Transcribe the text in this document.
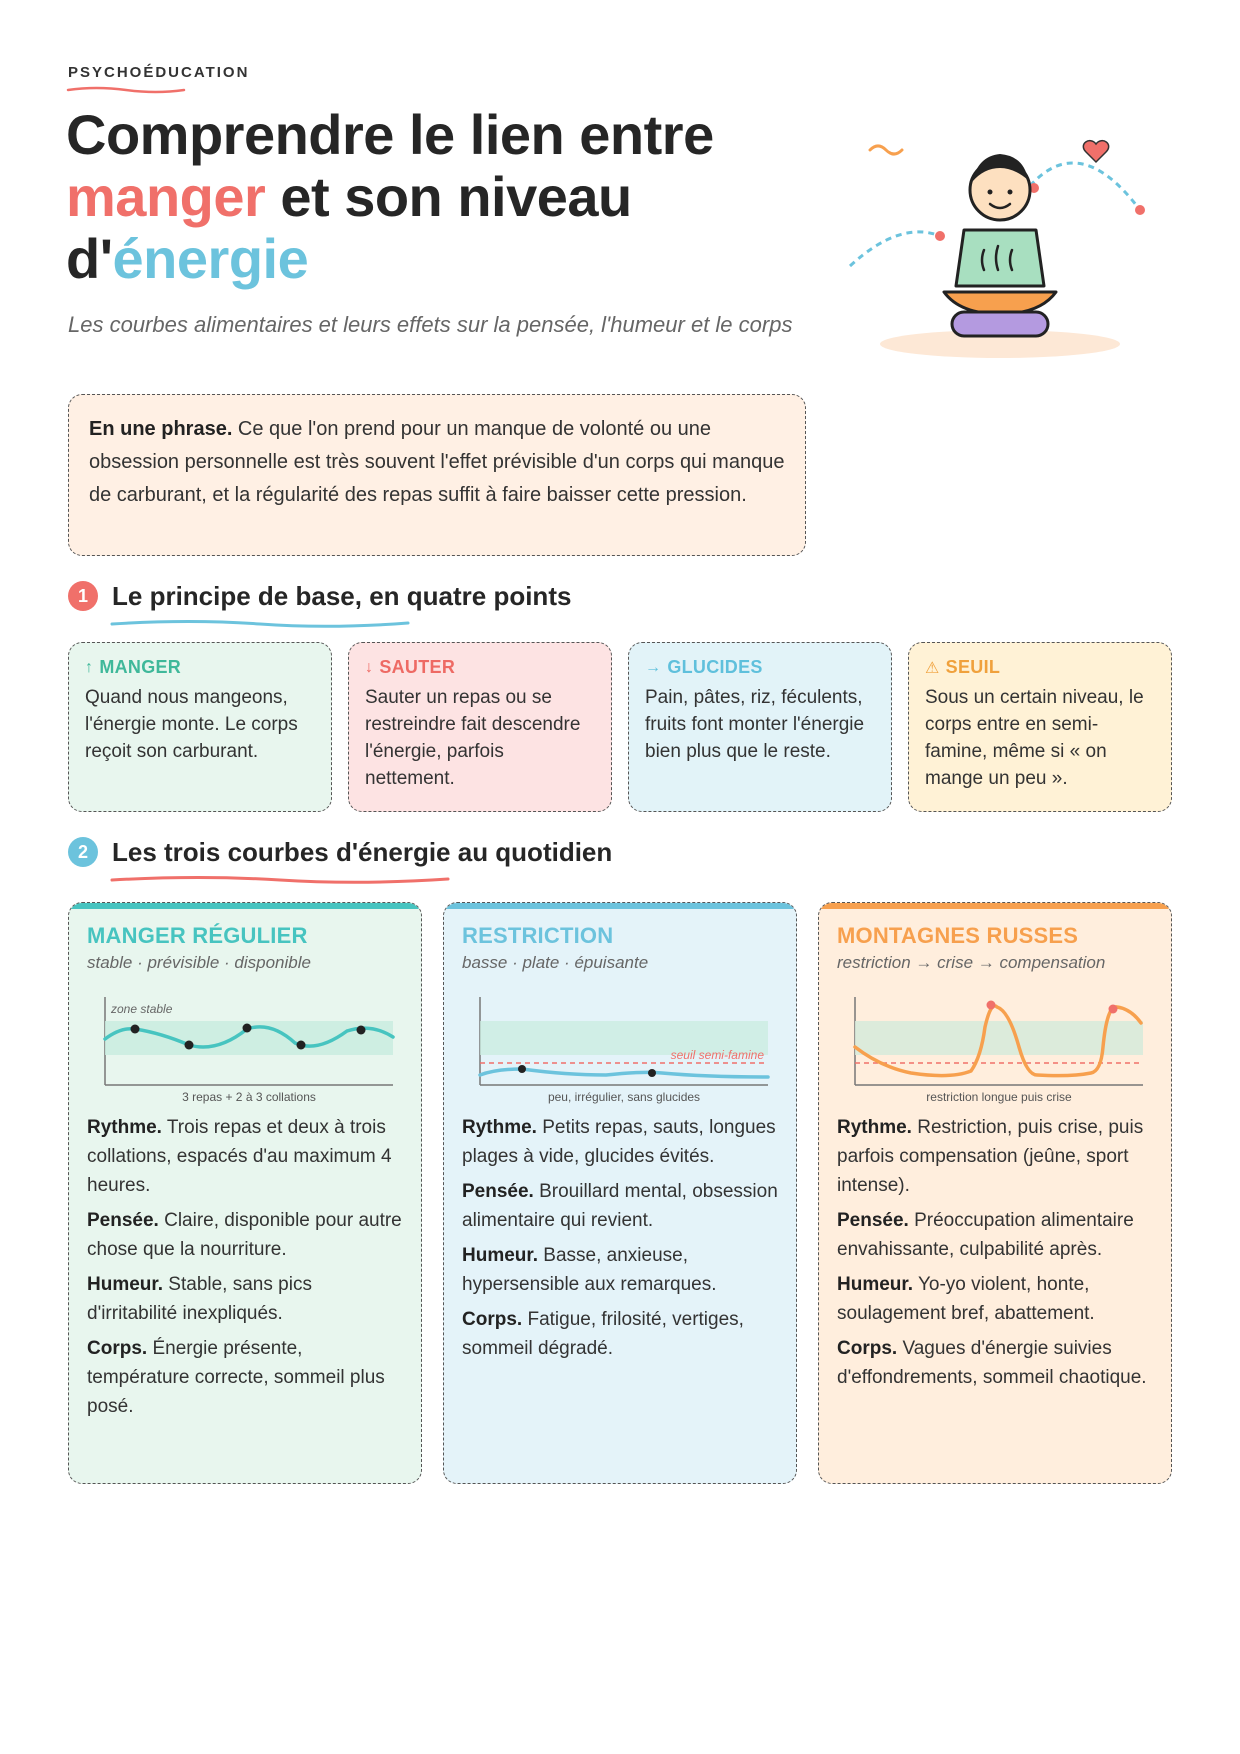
PSYCHOÉDUCATION
Comprendre le lien entre
manger et son niveau
d'énergie
Les courbes alimentaires et leurs effets sur la pensée, l'humeur et le corps
En une phrase. Ce que l'on prend pour un manque de volonté ou une obsession personnelle est très souvent l'effet prévisible d'un corps qui manque de carburant, et la régularité des repas suffit à faire baisser cette pression.
1 Le principe de base, en quatre points
↑ MANGER
Quand nous mangeons, l'énergie monte. Le corps reçoit son carburant.
↓ SAUTER
Sauter un repas ou se restreindre fait descendre l'énergie, parfois nettement.
→ GLUCIDES
Pain, pâtes, riz, féculents, fruits font monter l'énergie bien plus que le reste.
⚠ SEUIL
Sous un certain niveau, le corps entre en semi-famine, même si « on mange un peu ».
2 Les trois courbes d'énergie au quotidien
MANGER RÉGULIER
stable · prévisible · disponible
zone stable
3 repas + 2 à 3 collations
Rythme. Trois repas et deux à trois collations, espacés d'au maximum 4 heures.
Pensée. Claire, disponible pour autre chose que la nourriture.
Humeur. Stable, sans pics d'irritabilité inexpliqués.
Corps. Énergie présente, température correcte, sommeil plus posé.
RESTRICTION
basse · plate · épuisante
seuil semi-famine
peu, irrégulier, sans glucides
Rythme. Petits repas, sauts, longues plages à vide, glucides évités.
Pensée. Brouillard mental, obsession alimentaire qui revient.
Humeur. Basse, anxieuse, hypersensible aux remarques.
Corps. Fatigue, frilosité, vertiges, sommeil dégradé.
MONTAGNES RUSSES
restriction → crise → compensation
restriction longue puis crise
Rythme. Restriction, puis crise, puis parfois compensation (jeûne, sport intense).
Pensée. Préoccupation alimentaire envahissante, culpabilité après.
Humeur. Yo-yo violent, honte, soulagement bref, abattement.
Corps. Vagues d'énergie suivies d'effondrements, sommeil chaotique.
